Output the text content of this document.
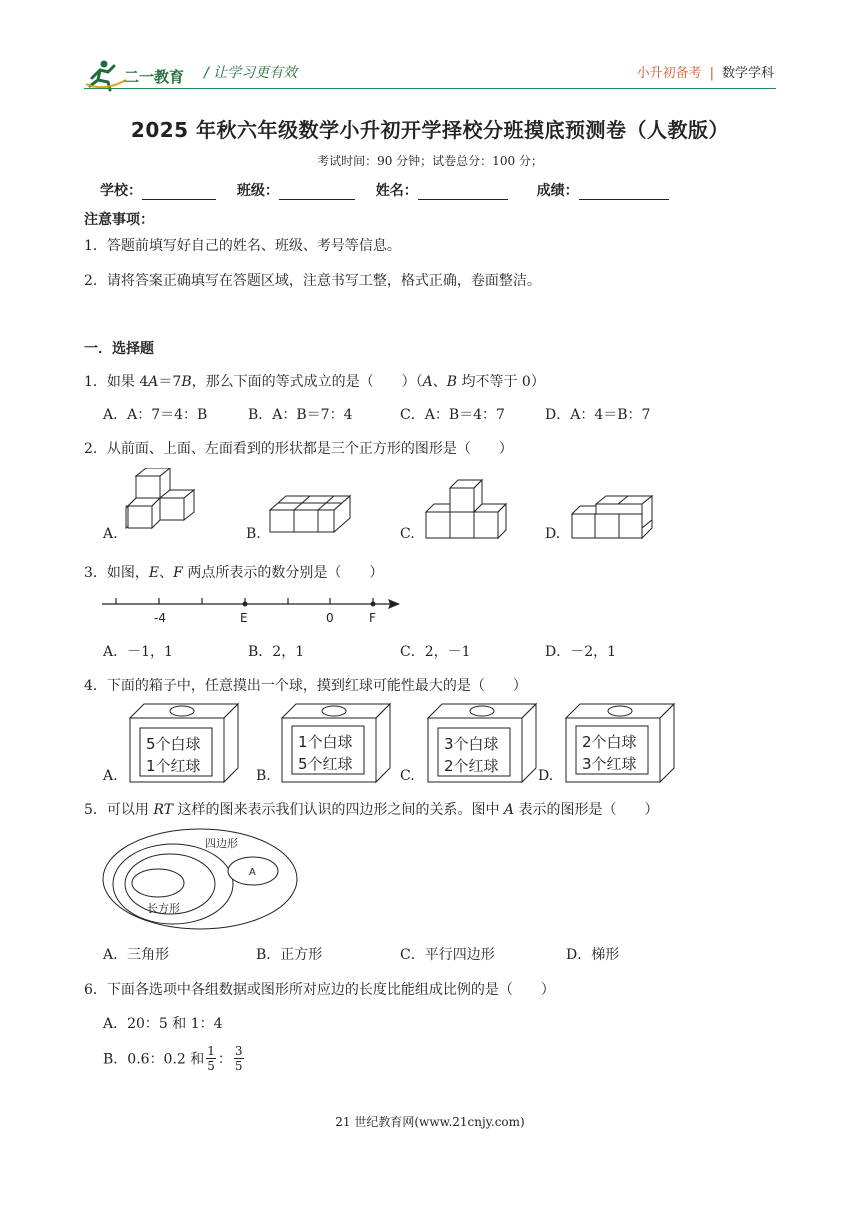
二一教育 / 让学习更有效	小升初备考 | 数学学科
2025 年秋六年级数学小升初开学择校分班摸底预测卷（人教版）
考试时间：90 分钟；试卷总分：100 分；
学校：	班级：	姓名：	成绩：
注意事项：
1．答题前填写好自己的姓名、班级、考号等信息。
2．请将答案正确填写在答题区域，注意书写工整，格式正确，卷面整洁。
一．选择题
1．如果 4A＝7B，那么下面的等式成立的是（　　）（A、B 均不等于 0）
A．A：7＝4：B	B．A：B＝7：4	C．A：B＝4：7	D．A：4＝B：7
2．从前面、上面、左面看到的形状都是三个正方形的图形是（　　）
A.	B.	C.	D.
3．如图，E、F 两点所表示的数分别是（　　）
-4	E	0	F
A．－1，1	B．2，1	C．2，－1	D．－2，1
4．下面的箱子中，任意摸出一个球，摸到红球可能性最大的是（　　）
5个白球
1个红球
1个白球
5个红球
3个白球
2个红球
2个白球
3个红球
A.	B.	C.	D.
5．可以用 RT 这样的图来表示我们认识的四边形之间的关系。图中 A 表示的图形是（　　）
四边形
A
长方形
A．三角形	B．正方形	C．平行四边形	D．梯形
6．下面各选项中各组数据或图形所对应边的长度比能组成比例的是（　　）
A．20：5 和 1：4
B．0.6：0.2 和 $\frac{1}{5}$ ： $\frac{3}{5}$
21 世纪教育网(www.21cnjy.com)
